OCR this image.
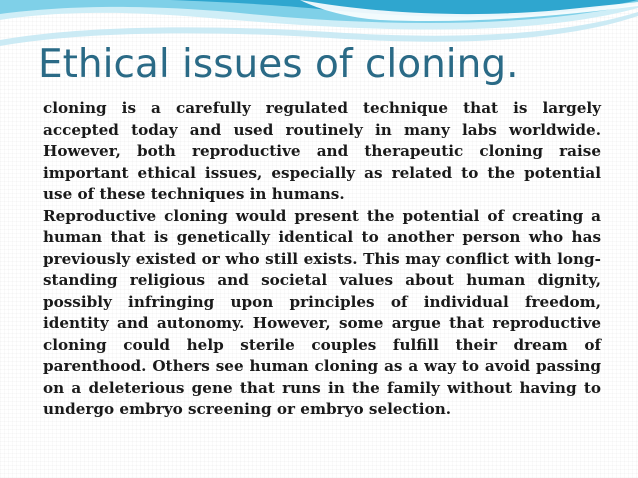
Ethical issues of cloning.

cloning is a carefully regulated technique that is largely accepted today and used routinely in many labs worldwide. However, both reproductive and therapeutic cloning raise important ethical issues, especially as related to the potential use of these techniques in humans.

Reproductive cloning would present the potential of creating a human that is genetically identical to another person who has previously existed or who still exists. This may conflict with long-standing religious and societal values about human dignity, possibly infringing upon principles of individual freedom, identity and autonomy. However, some argue that reproductive cloning could help sterile couples fulfill their dream of parenthood. Others see human cloning as a way to avoid passing on a deleterious gene that runs in the family without having to undergo embryo screening or embryo selection.
